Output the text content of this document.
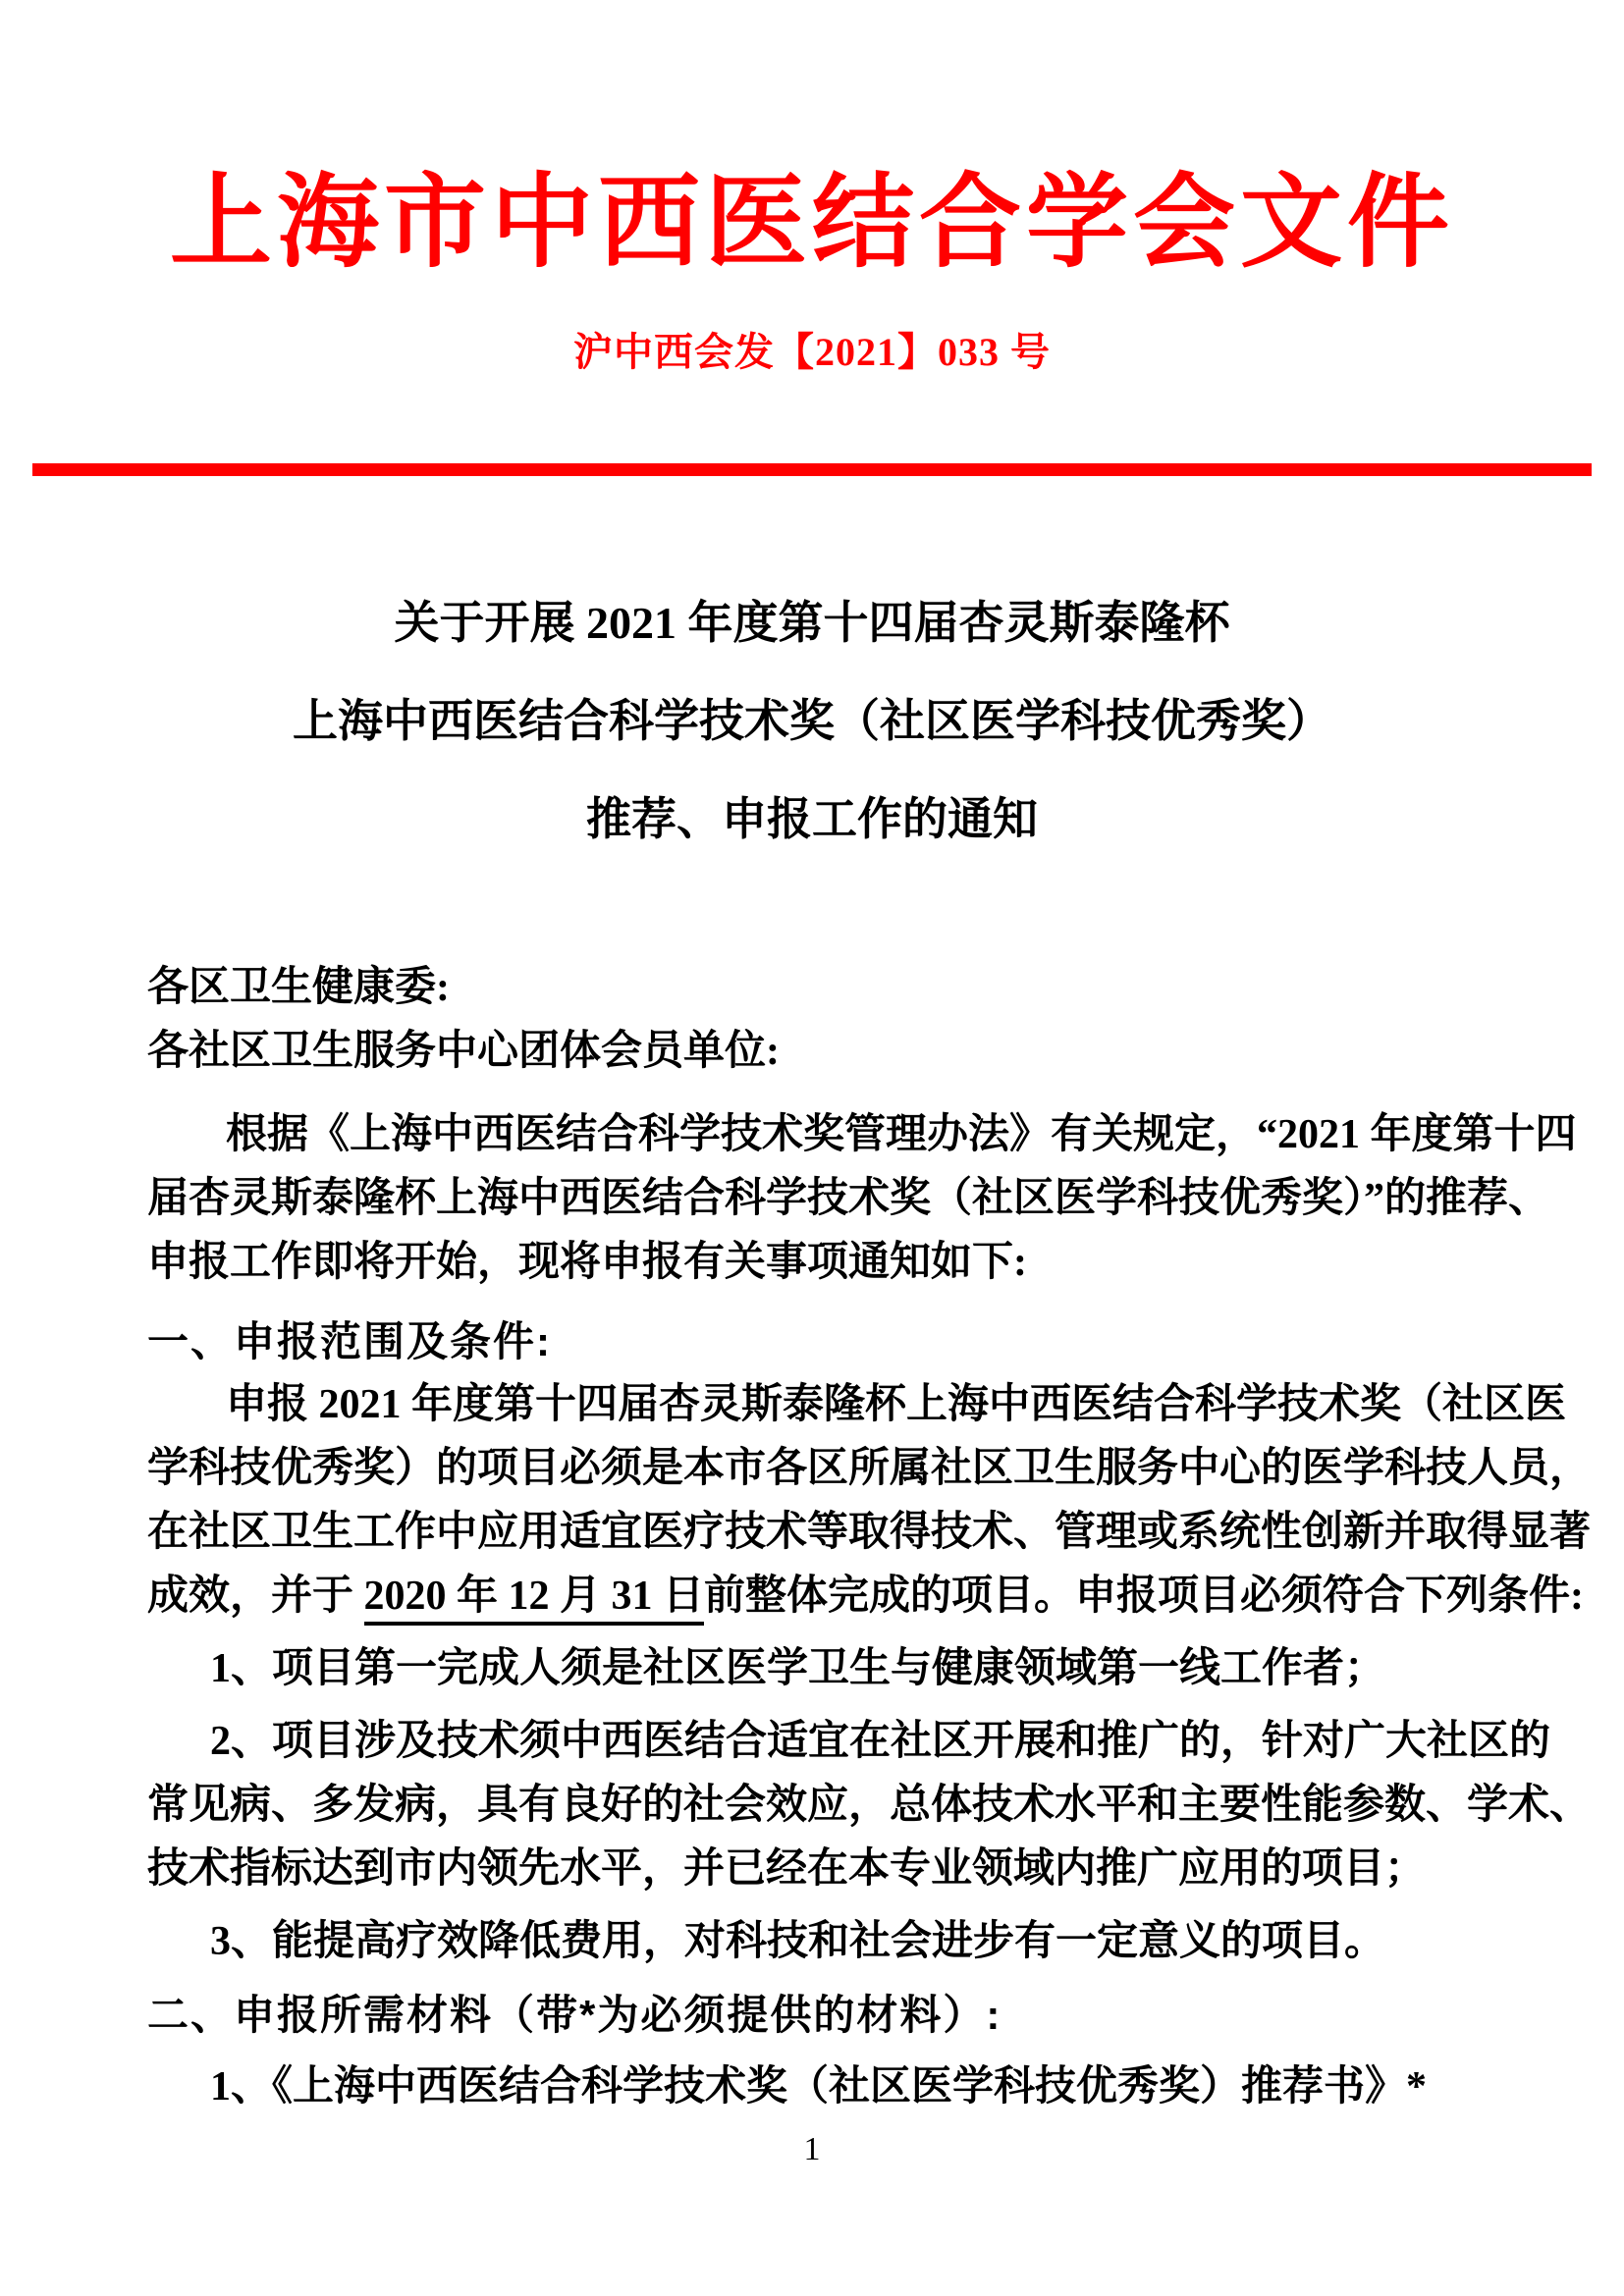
上海市中西医结合学会文件
沪中西会发【2021】033 号
关于开展 2021 年度第十四届杏灵斯泰隆杯
上海中西医结合科学技术奖（社区医学科技优秀奖）
推荐、申报工作的通知
各区卫生健康委:
各社区卫生服务中心团体会员单位:
根据《上海中西医结合科学技术奖管理办法》有关规定，“2021 年度第十四
届杏灵斯泰隆杯上海中西医结合科学技术奖（社区医学科技优秀奖）”的推荐、
申报工作即将开始，现将申报有关事项通知如下:
一、申报范围及条件:
申报 2021 年度第十四届杏灵斯泰隆杯上海中西医结合科学技术奖（社区医
学科技优秀奖）的项目必须是本市各区所属社区卫生服务中心的医学科技人员，
在社区卫生工作中应用适宜医疗技术等取得技术、管理或系统性创新并取得显著
成效，并于 2020 年 12 月 31 日前整体完成的项目。申报项目必须符合下列条件:
1、项目第一完成人须是社区医学卫生与健康领域第一线工作者；
2、项目涉及技术须中西医结合适宜在社区开展和推广的，针对广大社区的
常见病、多发病，具有良好的社会效应，总体技术水平和主要性能参数、学术、
技术指标达到市内领先水平，并已经在本专业领域内推广应用的项目；
3、能提高疗效降低费用，对科技和社会进步有一定意义的项目。
二、申报所需材料（带*为必须提供的材料）:
1、《上海中西医结合科学技术奖（社区医学科技优秀奖）推荐书》*
1
